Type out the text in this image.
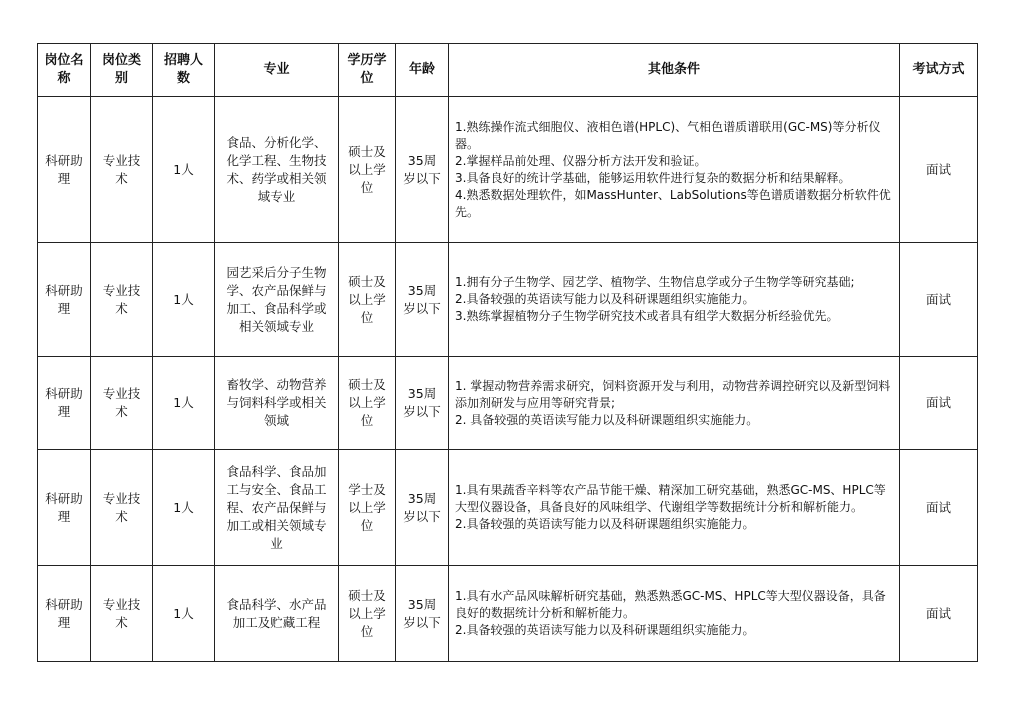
岗位名称	岗位类别	招聘人数	专业	学历学位	年龄	其他条件	考试方式
科研助理	专业技术	1人	食品、分析化学、化学工程、生物技术、药学或相关领域专业	硕士及以上学位	35周岁以下	1.熟练操作流式细胞仪、液相色谱(HPLC)、气相色谱质谱联用(GC-MS)等分析仪器。
2.掌握样品前处理、仪器分析方法开发和验证。
3.具备良好的统计学基础，能够运用软件进行复杂的数据分析和结果解释。
4.熟悉数据处理软件，如MassHunter、LabSolutions等色谱质谱数据分析软件优先。	面试
科研助理	专业技术	1人	园艺采后分子生物学、农产品保鲜与加工、食品科学或相关领域专业	硕士及以上学位	35周岁以下	1.拥有分子生物学、园艺学、植物学、生物信息学或分子生物学等研究基础;
2.具备较强的英语读写能力以及科研课题组织实施能力。
3.熟练掌握植物分子生物学研究技术或者具有组学大数据分析经验优先。	面试
科研助理	专业技术	1人	畜牧学、动物营养与饲料科学或相关领域	硕士及以上学位	35周岁以下	1. 掌握动物营养需求研究，饲料资源开发与利用，动物营养调控研究以及新型饲料添加剂研发与应用等研究背景;
2. 具备较强的英语读写能力以及科研课题组织实施能力。	面试
科研助理	专业技术	1人	食品科学、食品加工与安全、食品工程、农产品保鲜与加工或相关领域专业	学士及以上学位	35周岁以下	1.具有果蔬香辛料等农产品节能干燥、精深加工研究基础，熟悉GC-MS、HPLC等大型仪器设备，具备良好的风味组学、代谢组学等数据统计分析和解析能力。
2.具备较强的英语读写能力以及科研课题组织实施能力。	面试
科研助理	专业技术	1人	食品科学、水产品加工及贮藏工程	硕士及以上学位	35周岁以下	1.具有水产品风味解析研究基础，熟悉熟悉GC-MS、HPLC等大型仪器设备，具备良好的数据统计分析和解析能力。
2.具备较强的英语读写能力以及科研课题组织实施能力。	面试
